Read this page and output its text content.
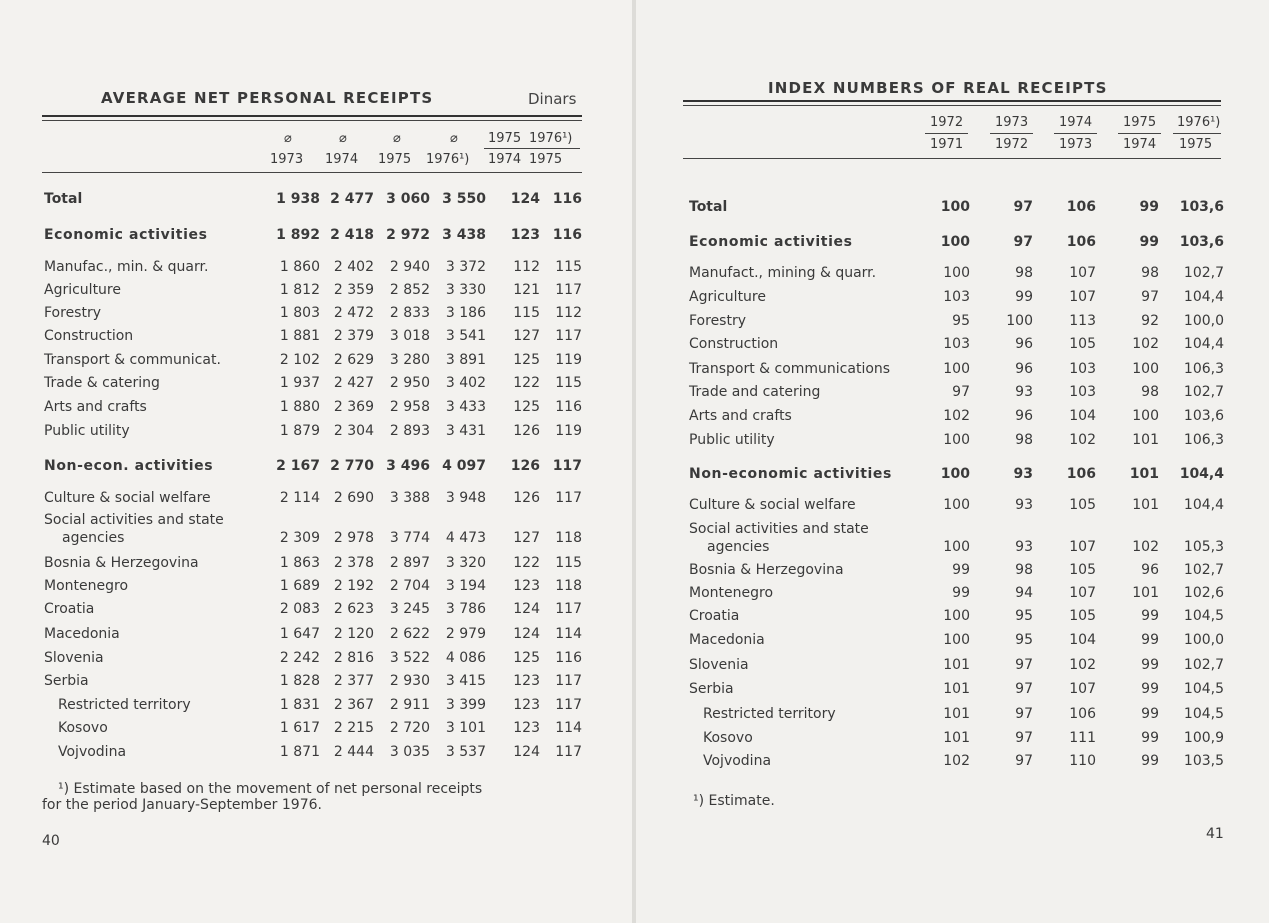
AVERAGE NET PERSONAL RECEIPTS	Dinars
⌀	⌀	⌀	⌀ 1975 1976¹)
1973 1974 1975 1976¹) 1974 1975
Total	1 938 2 477 3 060 3 550 124 116
Economic activities	1 892 2 418 2 972 3 438 123 116
Manufac., min. & quarr.	1 860 2 402 2 940 3 372 112 115
Agriculture	1 812 2 359 2 852 3 330 121 117
Forestry	1 803 2 472 2 833 3 186 115 112
Construction	1 881 2 379 3 018 3 541 127 117
Transport & communicat.	2 102 2 629 3 280 3 891 125 119
Trade & catering	1 937 2 427 2 950 3 402 122 115
Arts and crafts	1 880 2 369 2 958 3 433 125 116
Public utility	1 879 2 304 2 893 3 431 126 119
Non-econ. activities	2 167 2 770 3 496 4 097 126 117
Culture & social welfare	2 114 2 690 3 388 3 948 126 117
Social activities and state
agencies	2 309 2 978 3 774 4 473 127 118
Bosnia & Herzegovina	1 863 2 378 2 897 3 320 122 115
Montenegro	1 689 2 192 2 704 3 194 123 118
Croatia	2 083 2 623 3 245 3 786 124 117
Macedonia	1 647 2 120 2 622 2 979 124 114
Slovenia	2 242 2 816 3 522 4 086 125 116
Serbia	1 828 2 377 2 930 3 415 123 117
Restricted territory	1 831 2 367 2 911 3 399 123 117
Kosovo	1 617 2 215 2 720 3 101 123 114
Vojvodina	1 871 2 444 3 035 3 537 124 117
¹) Estimate based on the movement of net personal receipts
for the period January-September 1976.
40
INDEX NUMBERS OF REAL RECEIPTS
1972 1973 1974 1975 1976¹)
1971 1972 1973 1974 1975
Total	100	97 106	99 103,6
Economic activities	100	97 106	99 103,6
Manufact., mining & quarr.	100	98	107	98 102,7
Agriculture	103	99	107	97 104,4
Forestry	95	100	113	92 100,0
Construction	103	96	105	102 104,4
Transport & communications	100	96	103	100 106,3
Trade and catering	97	93	103	98 102,7
Arts and crafts	102	96	104	100 103,6
Public utility	100	98	102	101 106,3
Non-economic activities	100	93 106 101 104,4
Culture & social welfare	100	93	105	101 104,4
Social activities and state
agencies	100	93	107	102 105,3
Bosnia & Herzegovina	99	98	105	96 102,7
Montenegro	99	94	107	101 102,6
Croatia	100	95	105	99 104,5
Macedonia	100	95	104	99 100,0
Slovenia	101	97	102	99 102,7
Serbia	101	97	107	99 104,5
Restricted territory	101	97	106	99 104,5
Kosovo	101	97	111	99 100,9
Vojvodina	102	97	110	99 103,5
¹) Estimate.
41
